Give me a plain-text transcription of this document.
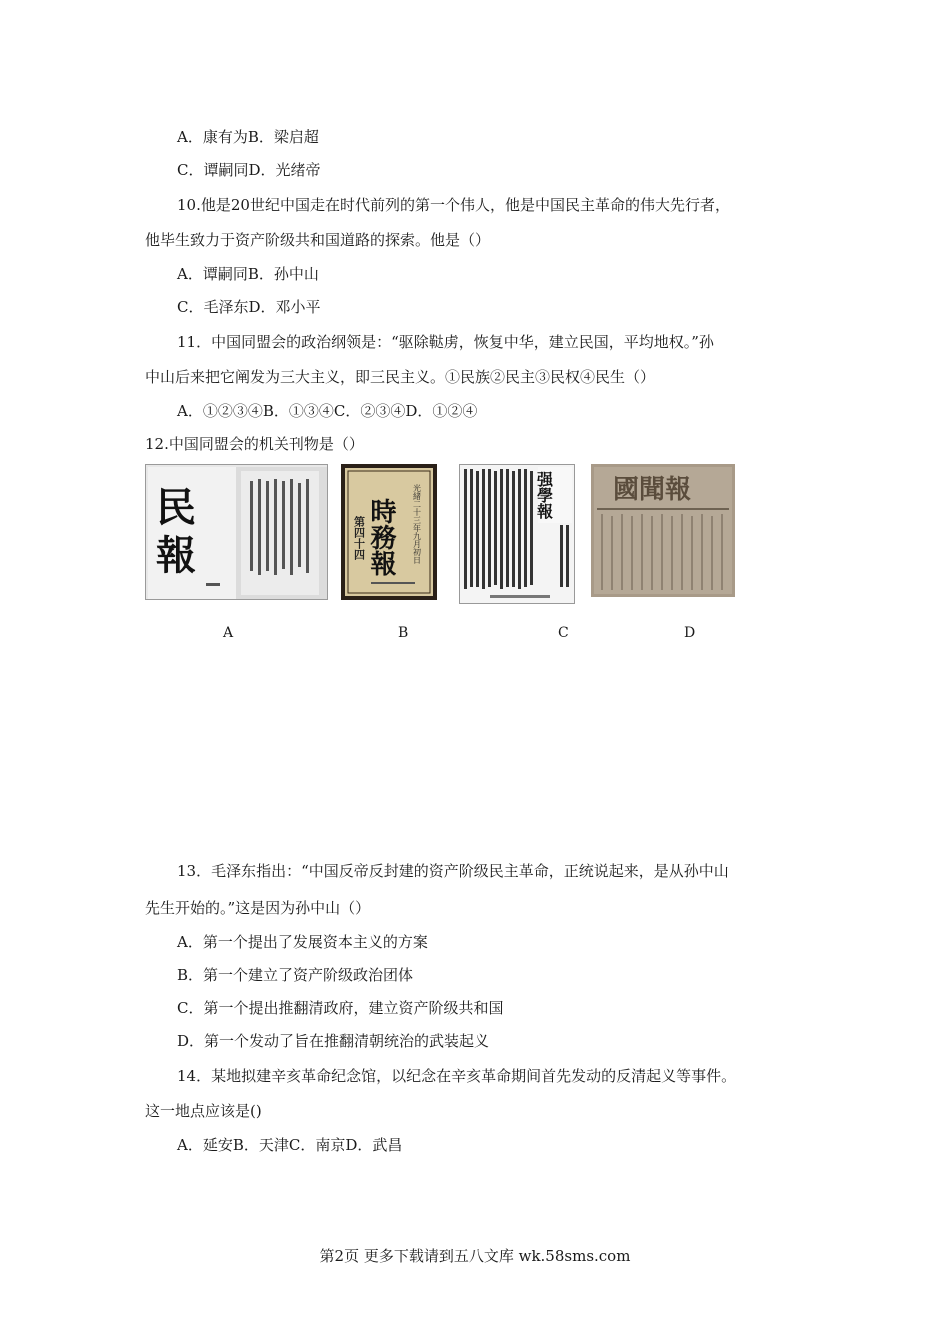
A．康有为B．梁启超
C．谭嗣同D．光绪帝
10.他是20世纪中国走在时代前列的第一个伟人，他是中国民主革命的伟大先行者，
他毕生致力于资产阶级共和国道路的探索。他是（）
A．谭嗣同B．孙中山
C．毛泽东D．邓小平
11．中国同盟会的政治纲领是：“驱除鞑虏，恢复中华，建立民国，平均地权。”孙
中山后来把它阐发为三大主义，即三民主义。①民族②民主③民权④民生（）
A．①②③④B．①③④C．②③④D．①②④
12.中国同盟会的机关刊物是（）
民
報	光緒二十三年九月初日
時務報
第四十四
强學報 國聞報
A	B	C	D
13．毛泽东指出：“中国反帝反封建的资产阶级民主革命，正统说起来，是从孙中山
先生开始的。”这是因为孙中山（）
A．第一个提出了发展资本主义的方案
B．第一个建立了资产阶级政治团体
C．第一个提出推翻清政府，建立资产阶级共和国
D．第一个发动了旨在推翻清朝统治的武装起义
14．某地拟建辛亥革命纪念馆，以纪念在辛亥革命期间首先发动的反清起义等事件。
这一地点应该是()
A．延安B．天津C．南京D．武昌
第2页 更多下载请到五八文库 wk.58sms.com
